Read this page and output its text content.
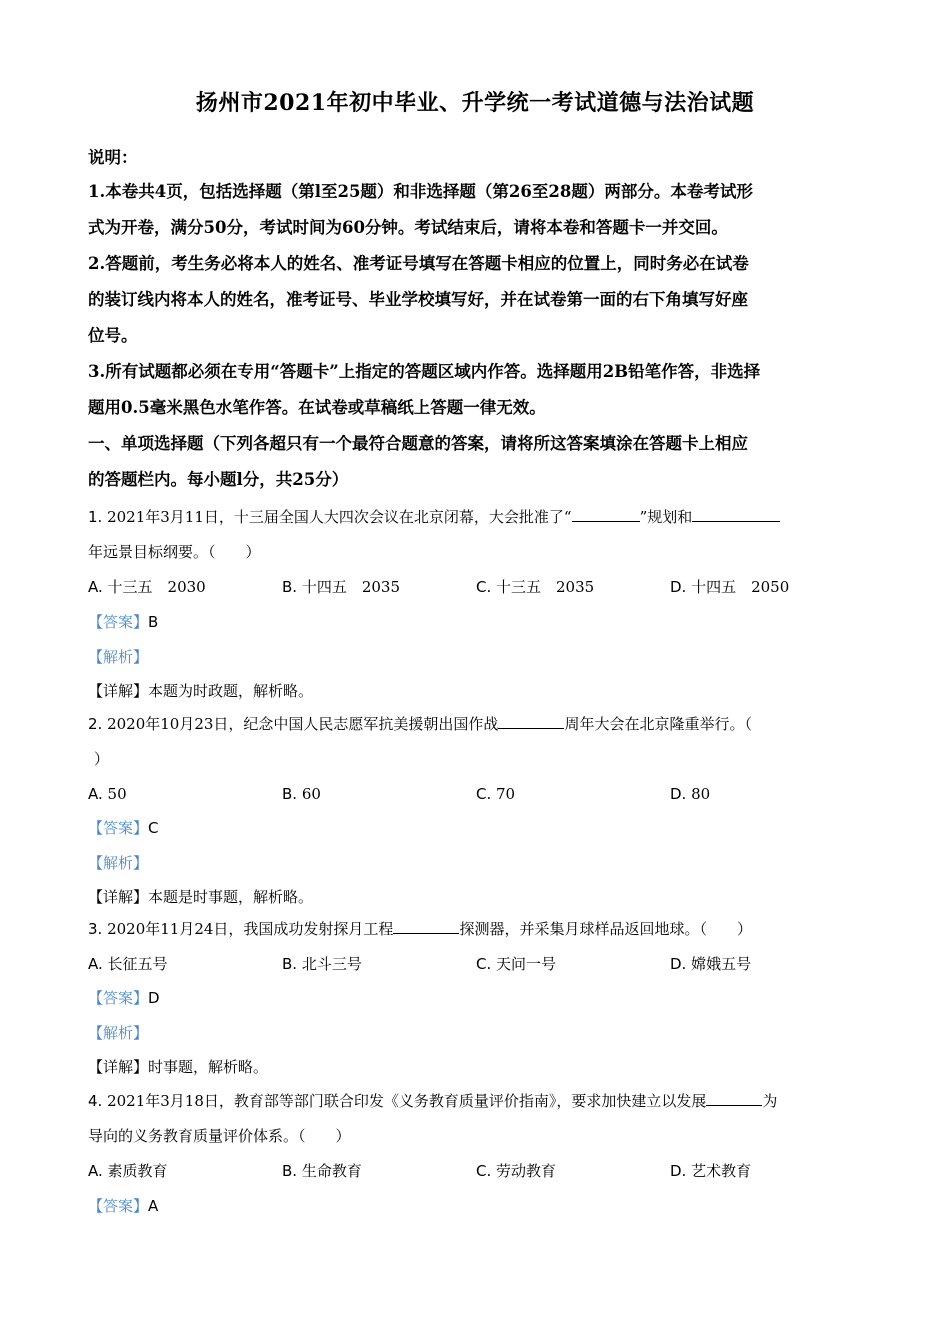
扬州市2021年初中毕业、升学统一考试道德与法治试题
说明：
1.本卷共4页，包括选择题（第l至25题）和非选择题（第26至28题）两部分。本卷考试形
式为开卷，满分50分，考试时间为60分钟。考试结束后，请将本卷和答题卡一并交回。
2.答题前，考生务必将本人的姓名、准考证号填写在答题卡相应的位置上，同时务必在试卷
的装订线内将本人的姓名，准考证号、毕业学校填写好，并在试卷第一面的右下角填写好座
位号。
3.所有试题都必须在专用“答题卡”上指定的答题区域内作答。选择题用2B铅笔作答，非选择
题用0.5毫米黑色水笔作答。在试卷或草稿纸上答题一律无效。
一、单项选择题（下列各超只有一个最符合题意的答案，请将所这答案填涂在答题卡上相应
的答题栏内。每小题l分，共25分）
1. 2021年3月11日，十三届全国人大四次会议在北京闭幕，大会批准了“	”规划和
年远景目标纲要。（　　）
A. 十三五　2030	B. 十四五　2035	C. 十三五　2035	D. 十四五　2050
【答案】B
【解析】
【详解】本题为时政题，解析略。
2. 2020年10月23日，纪念中国人民志愿军抗美援朝出国作战	周年大会在北京隆重举行。（
）
A. 50	B. 60	C. 70	D. 80
【答案】C
【解析】
【详解】本题是时事题，解析略。
3. 2020年11月24日，我国成功发射探月工程	探测器，并采集月球样品返回地球。（　　）
A. 长征五号	B. 北斗三号	C. 天问一号	D. 嫦娥五号
【答案】D
【解析】
【详解】时事题，解析略。
4. 2021年3月18日，教育部等部门联合印发《义务教育质量评价指南》，要求加快建立以发展	为
导向的义务教育质量评价体系。（　　）
A. 素质教育	B. 生命教育	C. 劳动教育	D. 艺术教育
【答案】A
